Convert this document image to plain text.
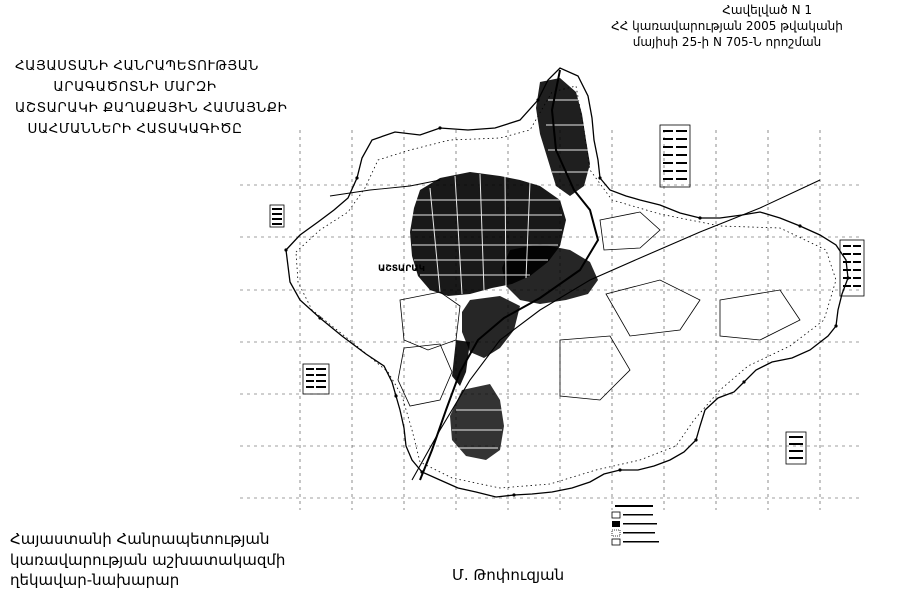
Հավելված N 1
ՀՀ կառավարության 2005 թվականի
մայիսի 25-ի N 705-Ն որոշման
ՀԱՅԱՍՏԱՆԻ ՀԱՆՐԱՊԵՏՈՒԹՅԱՆ
ԱՐԱԳԱԾՈՏՆԻ ՄԱՐԶԻ
ԱՇՏԱՐԱԿԻ ՔԱՂԱՔԱՅԻՆ ՀԱՄԱՅՆՔԻ
ՍԱՀՄԱՆՆԵՐԻ ՀԱՏԱԿԱԳԻԾԸ
ԱՇՏԱՐԱԿ
Հայաստանի Հանրապետության
կառավարության աշխատակազմի
ղեկավար-նախարար	Մ. Թոփուզյան
